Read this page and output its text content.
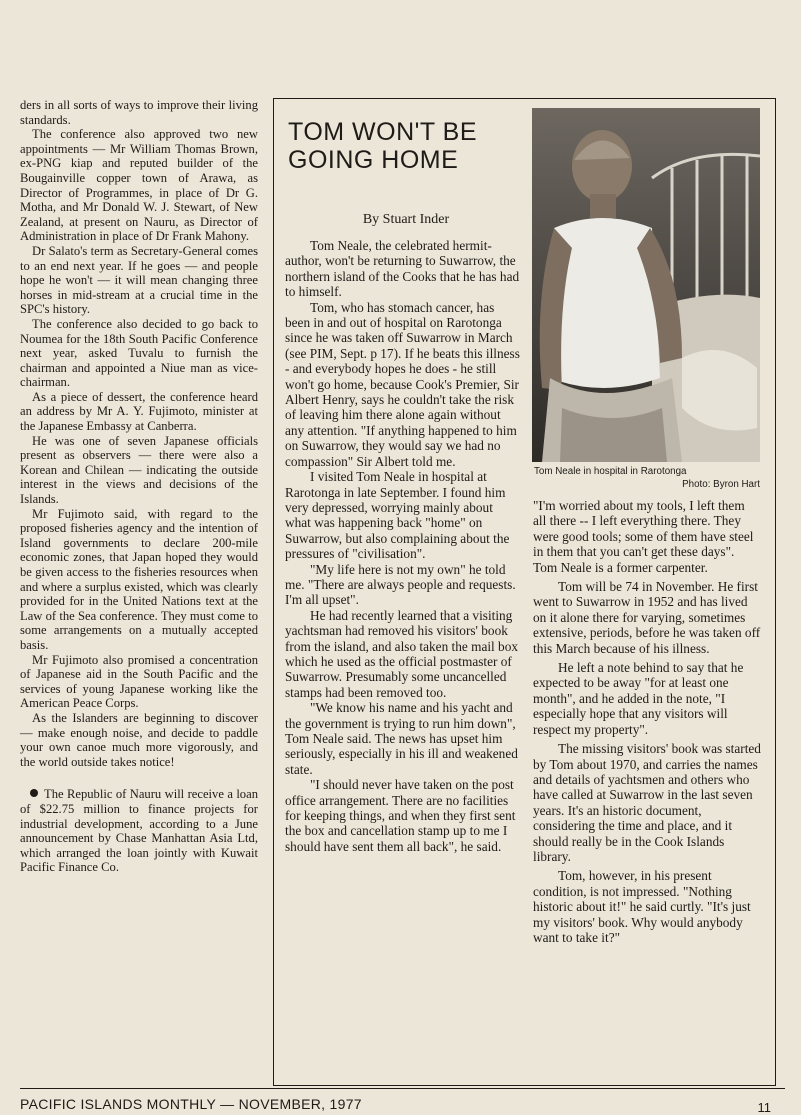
ders in all sorts of ways to improve their living standards.

The conference also approved two new appointments — Mr William Thomas Brown, ex-PNG kiap and reputed builder of the Bougainville copper town of Arawa, as Director of Programmes, in place of Dr G. Motha, and Mr Donald W. J. Stewart, of New Zealand, at present on Nauru, as Director of Administration in place of Dr Frank Mahony.

Dr Salato's term as Secretary-General comes to an end next year. If he goes — and people hope he won't — it will mean changing three horses in mid-stream at a crucial time in the SPC's history.

The conference also decided to go back to Noumea for the 18th South Pacific Conference next year, asked Tuvalu to furnish the chairman and appointed a Niue man as vice-chairman.

As a piece of dessert, the conference heard an address by Mr A. Y. Fujimoto, minister at the Japanese Embassy at Canberra.

He was one of seven Japanese officials present as observers — there were also a Korean and Chilean — indicating the outside interest in the views and decisions of the Islands.

Mr Fujimoto said, with regard to the proposed fisheries agency and the intention of Island governments to declare 200-mile economic zones, that Japan hoped they would be given access to the fisheries resources when and where a surplus existed, which was clearly provided for in the United Nations text at the Law of the Sea conference. They must come to some arrangements on a mutually accepted basis.

Mr Fujimoto also promised a concentration of Japanese aid in the South Pacific and the services of young Japanese working like the American Peace Corps.

As the Islanders are beginning to discover — make enough noise, and decide to paddle your own canoe much more vigorously, and the world outside takes notice!

The Republic of Nauru will receive a loan of $22.75 million to finance projects for industrial development, according to a June announcement by Chase Manhattan Asia Ltd, which arranged the loan jointly with Kuwait Pacific Finance Co.

TOM WON'T BE GOING HOME
By Stuart Inder

Tom Neale, the celebrated hermit-author, won't be returning to Suwarrow, the northern island of the Cooks that he has had to himself.

Tom, who has stomach cancer, has been in and out of hospital on Rarotonga since he was taken off Suwarrow in March (see PIM, Sept. p 17). If he beats this illness - and everybody hopes he does - he still won't go home, because Cook's Premier, Sir Albert Henry, says he couldn't take the risk of leaving him there alone again without any attention. "If anything happened to him on Suwarrow, they would say we had no compassion" Sir Albert told me.

I visited Tom Neale in hospital at Rarotonga in late September. I found him very depressed, worrying mainly about what was happening back "home" on Suwarrow, but also complaining about the pressures of "civilisation".

"My life here is not my own" he told me. "There are always people and requests. I'm all upset".

He had recently learned that a visiting yachtsman had removed his visitors' book from the island, and also taken the mail box which he used as the official postmaster of Suwarrow. Presumably some uncancelled stamps had been removed too.

"We know his name and his yacht and the government is trying to run him down", Tom Neale said. The news has upset him seriously, especially in his ill and weakened state.

"I should never have taken on the post office arrangement. There are no facilities for keeping things, and when they first sent the box and cancellation stamp up to me I should have sent them all back", he said.

Tom Neale in hospital in Rarotonga
Photo: Byron Hart

"I'm worried about my tools, I left them all there -- I left everything there. They were good tools; some of them have steel in them that you can't get these days". Tom Neale is a former carpenter.

Tom will be 74 in November. He first went to Suwarrow in 1952 and has lived on it alone there for varying, sometimes extensive, periods, before he was taken off this March because of his illness.

He left a note behind to say that he expected to be away "for at least one month", and he added in the note, "I especially hope that any visitors will respect my property".

The missing visitors' book was started by Tom about 1970, and carries the names and details of yachtsmen and others who have called at Suwarrow in the last seven years. It's an historic document, considering the time and place, and it should really be in the Cook Islands library.

Tom, however, in his present condition, is not impressed. "Nothing historic about it!" he said curtly. "It's just my visitors' book. Why would anybody want to take it?"

PACIFIC ISLANDS MONTHLY — NOVEMBER, 1977	11
